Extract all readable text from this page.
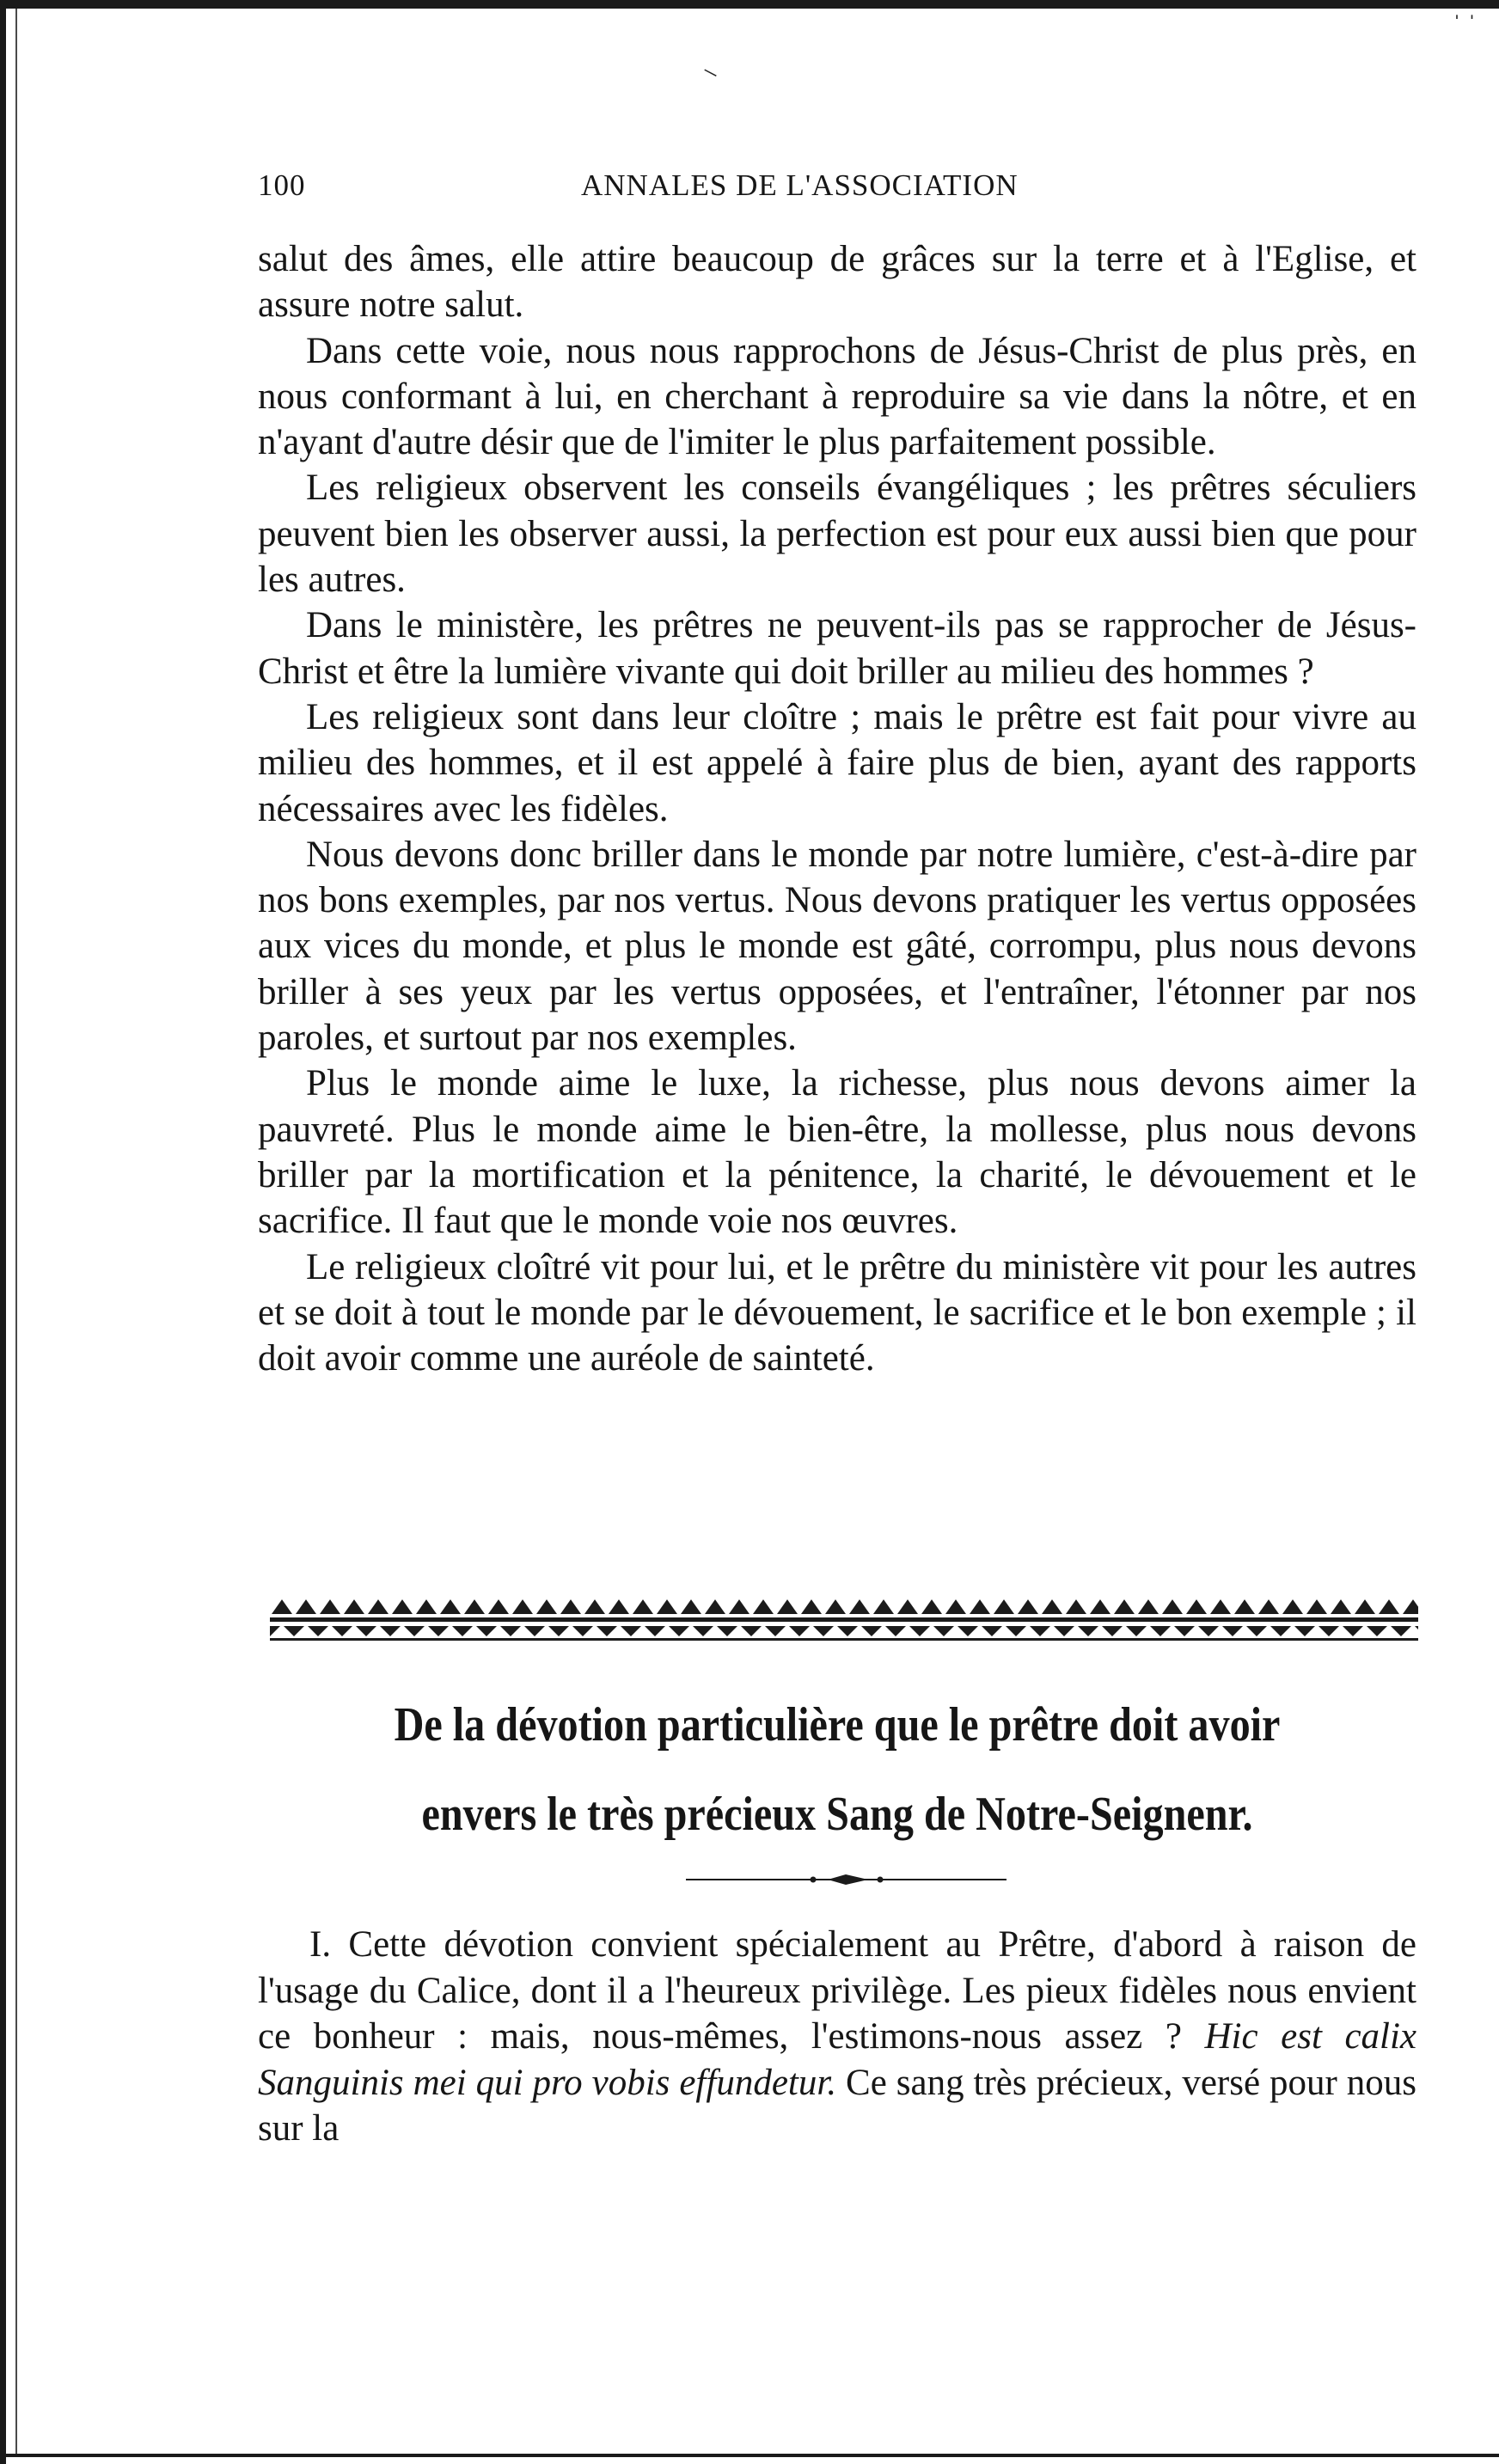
–
ˈ ˈ
100	ANNALES DE L'ASSOCIATION

salut des âmes, elle attire beaucoup de grâces sur la terre et à l'Eglise, et assure notre salut.

Dans cette voie, nous nous rapprochons de Jésus-Christ de plus près, en nous conformant à lui, en cherchant à reproduire sa vie dans la nôtre, et en n'ayant d'autre désir que de l'imiter le plus parfaitement possible.

Les religieux observent les conseils évangéliques ; les prêtres séculiers peuvent bien les observer aussi, la perfection est pour eux aussi bien que pour les autres.

Dans le ministère, les prêtres ne peuvent-ils pas se rapprocher de Jésus-Christ et être la lumière vivante qui doit briller au milieu des hommes ?

Les religieux sont dans leur cloître ; mais le prêtre est fait pour vivre au milieu des hommes, et il est appelé à faire plus de bien, ayant des rapports nécessaires avec les fidèles.

Nous devons donc briller dans le monde par notre lumière, c'est-à-dire par nos bons exemples, par nos vertus. Nous devons pratiquer les vertus opposées aux vices du monde, et plus le monde est gâté, corrompu, plus nous devons briller à ses yeux par les vertus opposées, et l'entraîner, l'étonner par nos paroles, et surtout par nos exemples.

Plus le monde aime le luxe, la richesse, plus nous devons aimer la pauvreté. Plus le monde aime le bien-être, la mollesse, plus nous devons briller par la mortification et la pénitence, la charité, le dévouement et le sacrifice. Il faut que le monde voie nos œuvres.

Le religieux cloîtré vit pour lui, et le prêtre du ministère vit pour les autres et se doit à tout le monde par le dévouement, le sacrifice et le bon exemple ; il doit avoir comme une auréole de sainteté.

De la dévotion particulière que le prêtre doit avoir
envers le très précieux Sang de Notre-Seignenr.

I. Cette dévotion convient spécialement au Prêtre, d'abord à raison de l'usage du Calice, dont il a l'heureux privilège. Les pieux fidèles nous envient ce bonheur : mais, nous-mêmes, l'estimons-nous assez ? Hic est calix Sanguinis mei qui pro vobis effundetur. Ce sang très précieux, versé pour nous sur la
